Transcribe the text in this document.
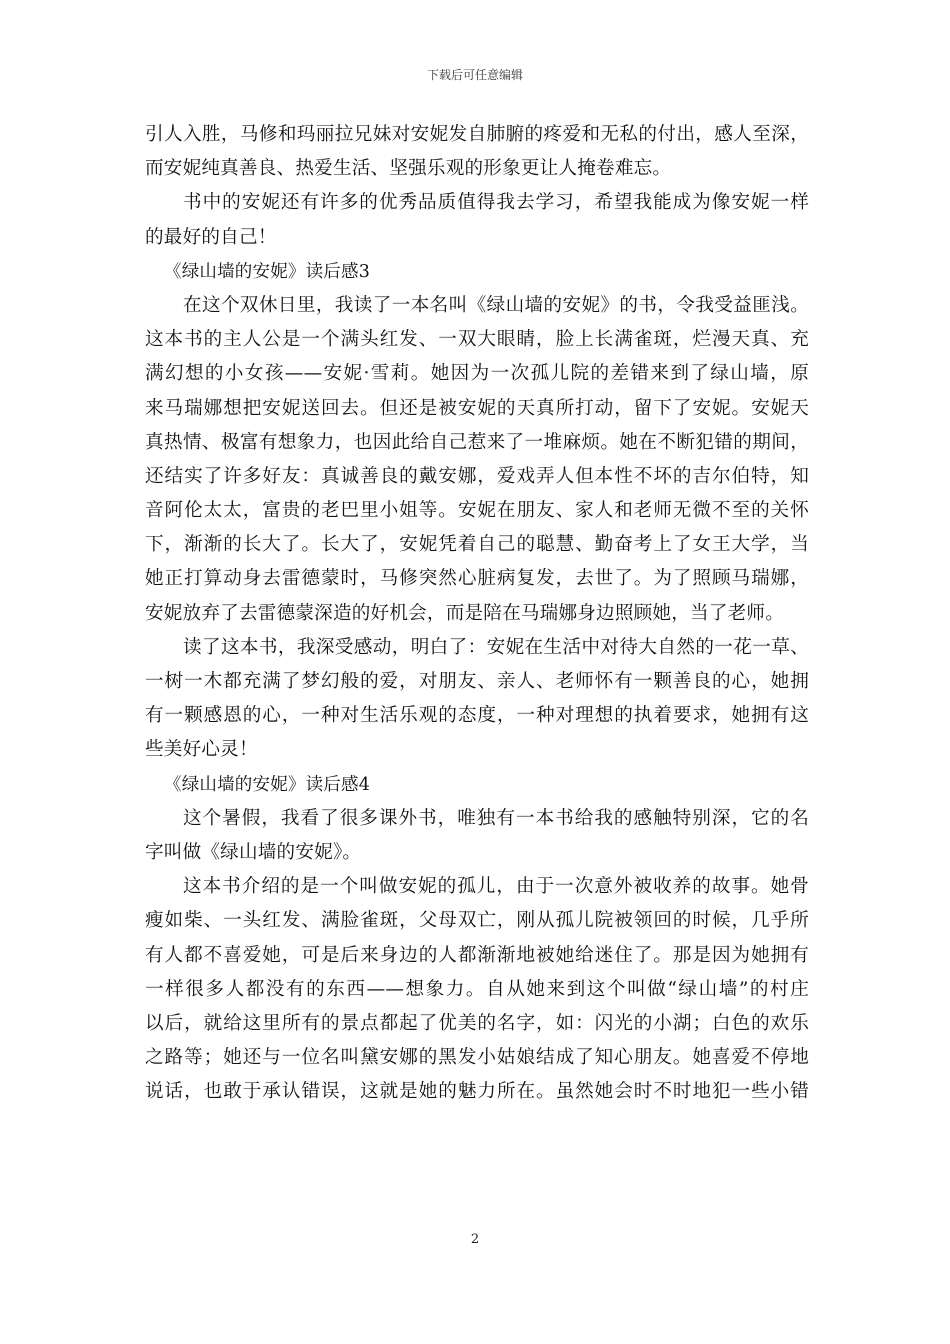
下载后可任意编辑
引人入胜，马修和玛丽拉兄妹对安妮发自肺腑的疼爱和无私的付出，感人至深，
而安妮纯真善良、热爱生活、坚强乐观的形象更让人掩卷难忘。
书中的安妮还有许多的优秀品质值得我去学习，希望我能成为像安妮一样
的最好的自己！
《绿山墙的安妮》读后感3
在这个双休日里，我读了一本名叫《绿山墙的安妮》的书，令我受益匪浅。
这本书的主人公是一个满头红发、一双大眼睛，脸上长满雀斑，烂漫天真、充
满幻想的小女孩——安妮·雪莉。她因为一次孤儿院的差错来到了绿山墙，原
来马瑞娜想把安妮送回去。但还是被安妮的天真所打动，留下了安妮。安妮天
真热情、极富有想象力，也因此给自己惹来了一堆麻烦。她在不断犯错的期间，
还结实了许多好友：真诚善良的戴安娜，爱戏弄人但本性不坏的吉尔伯特，知
音阿伦太太，富贵的老巴里小姐等。安妮在朋友、家人和老师无微不至的关怀
下，渐渐的长大了。长大了，安妮凭着自己的聪慧、勤奋考上了女王大学，当
她正打算动身去雷德蒙时，马修突然心脏病复发，去世了。为了照顾马瑞娜，
安妮放弃了去雷德蒙深造的好机会，而是陪在马瑞娜身边照顾她，当了老师。
读了这本书，我深受感动，明白了：安妮在生活中对待大自然的一花一草、
一树一木都充满了梦幻般的爱，对朋友、亲人、老师怀有一颗善良的心，她拥
有一颗感恩的心，一种对生活乐观的态度，一种对理想的执着要求，她拥有这
些美好心灵！
《绿山墙的安妮》读后感4
这个暑假，我看了很多课外书，唯独有一本书给我的感触特别深，它的名
字叫做《绿山墙的安妮》。
这本书介绍的是一个叫做安妮的孤儿，由于一次意外被收养的故事。她骨
瘦如柴、一头红发、满脸雀斑，父母双亡，刚从孤儿院被领回的时候，几乎所
有人都不喜爱她，可是后来身边的人都渐渐地被她给迷住了。那是因为她拥有
一样很多人都没有的东西——想象力。自从她来到这个叫做“绿山墙”的村庄
以后，就给这里所有的景点都起了优美的名字，如：闪光的小湖；白色的欢乐
之路等；她还与一位名叫黛安娜的黑发小姑娘结成了知心朋友。她喜爱不停地
说话，也敢于承认错误，这就是她的魅力所在。虽然她会时不时地犯一些小错
2
